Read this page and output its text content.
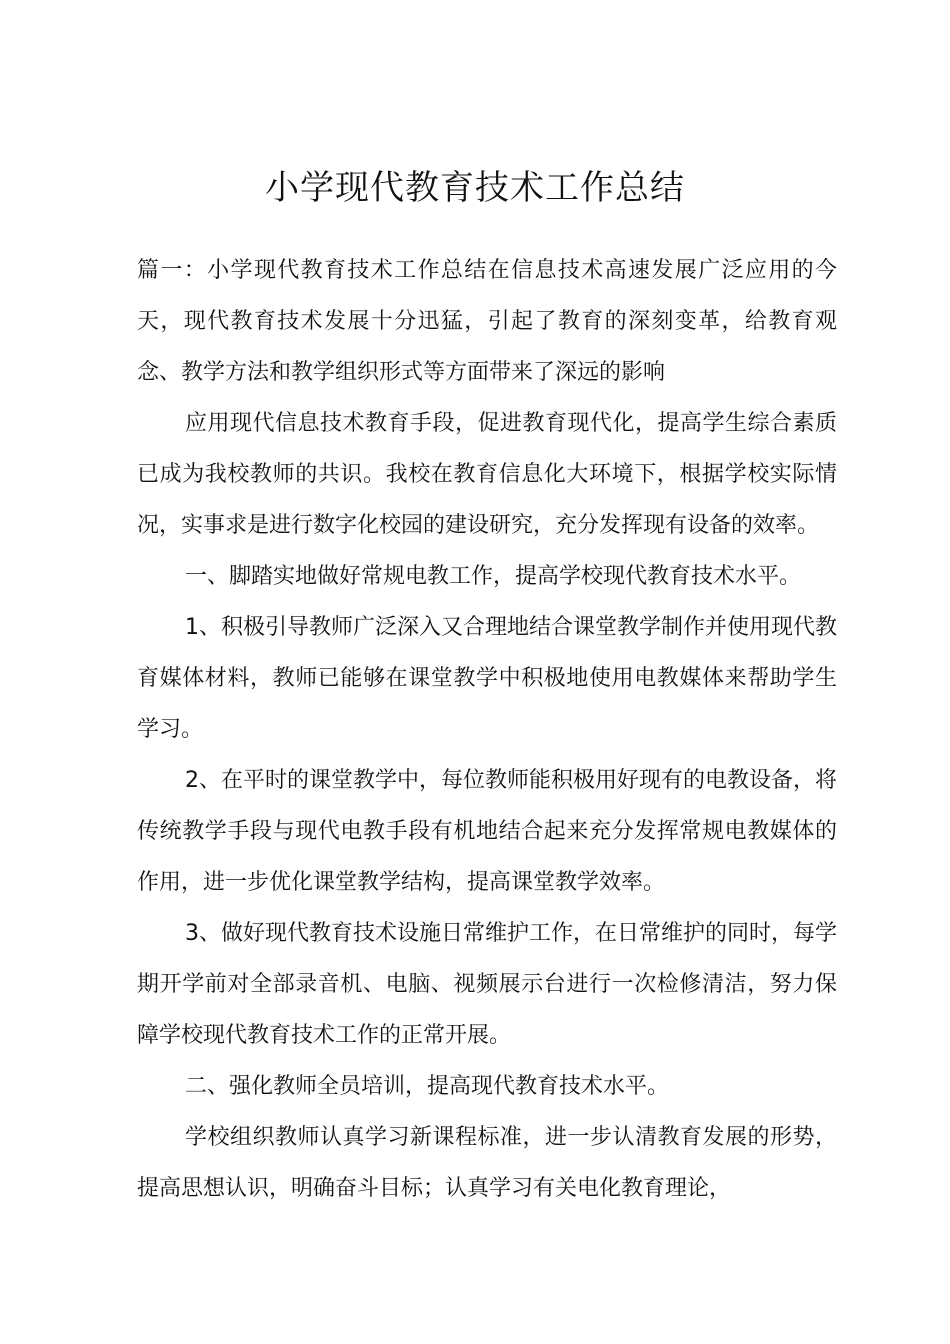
小学现代教育技术工作总结

篇一：小学现代教育技术工作总结在信息技术高速发展广泛应用的今天，现代教育技术发展十分迅猛，引起了教育的深刻变革，给教育观念、教学方法和教学组织形式等方面带来了深远的影响

应用现代信息技术教育手段，促进教育现代化，提高学生综合素质已成为我校教师的共识。我校在教育信息化大环境下，根据学校实际情况，实事求是进行数字化校园的建设研究，充分发挥现有设备的效率。

一、脚踏实地做好常规电教工作，提高学校现代教育技术水平。

1、积极引导教师广泛深入又合理地结合课堂教学制作并使用现代教育媒体材料，教师已能够在课堂教学中积极地使用电教媒体来帮助学生学习。

2、在平时的课堂教学中，每位教师能积极用好现有的电教设备，将传统教学手段与现代电教手段有机地结合起来充分发挥常规电教媒体的作用，进一步优化课堂教学结构，提高课堂教学效率。

3、做好现代教育技术设施日常维护工作，在日常维护的同时，每学期开学前对全部录音机、电脑、视频展示台进行一次检修清洁，努力保障学校现代教育技术工作的正常开展。

二、强化教师全员培训，提高现代教育技术水平。

学校组织教师认真学习新课程标准，进一步认清教育发展的形势，提高思想认识，明确奋斗目标；认真学习有关电化教育理论，
